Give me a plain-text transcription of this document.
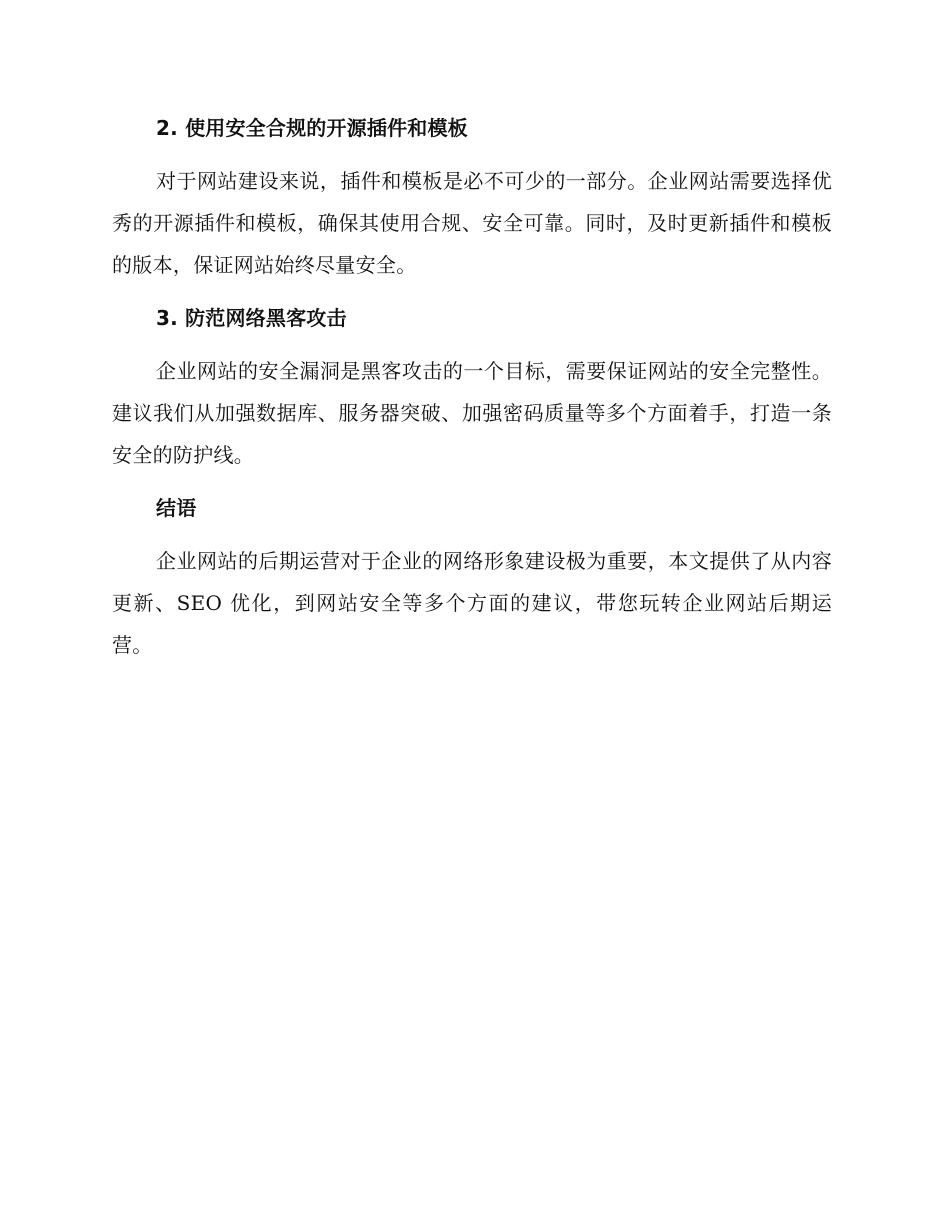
2. 使用安全合规的开源插件和模板

对于网站建设来说，插件和模板是必不可少的一部分。企业网站需要选择优秀的开源插件和模板，确保其使用合规、安全可靠。同时，及时更新插件和模板的版本，保证网站始终尽量安全。

3. 防范网络黑客攻击

企业网站的安全漏洞是黑客攻击的一个目标，需要保证网站的安全完整性。建议我们从加强数据库、服务器突破、加强密码质量等多个方面着手，打造一条安全的防护线。

结语

企业网站的后期运营对于企业的网络形象建设极为重要，本文提供了从内容更新、SEO 优化，到网站安全等多个方面的建议，带您玩转企业网站后期运营。
